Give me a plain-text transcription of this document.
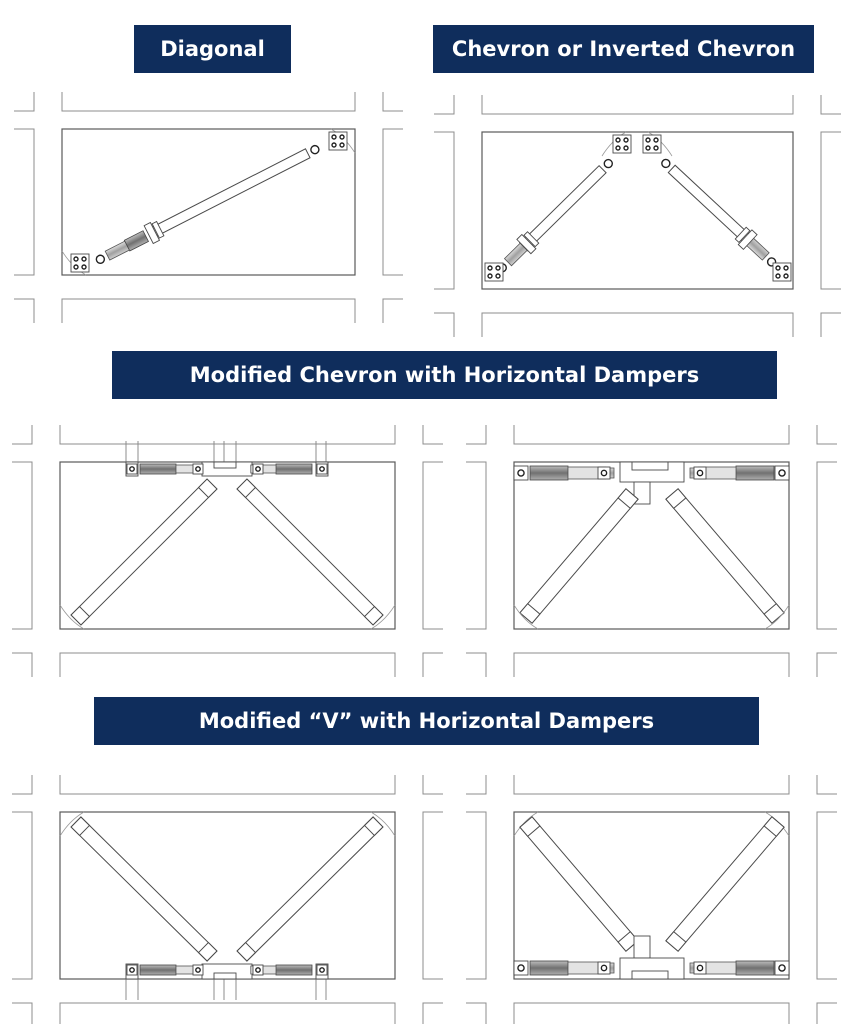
Diagonal	Chevron or Inverted Chevron
Modified Chevron with Horizontal Dampers
Modified “V” with Horizontal Dampers
